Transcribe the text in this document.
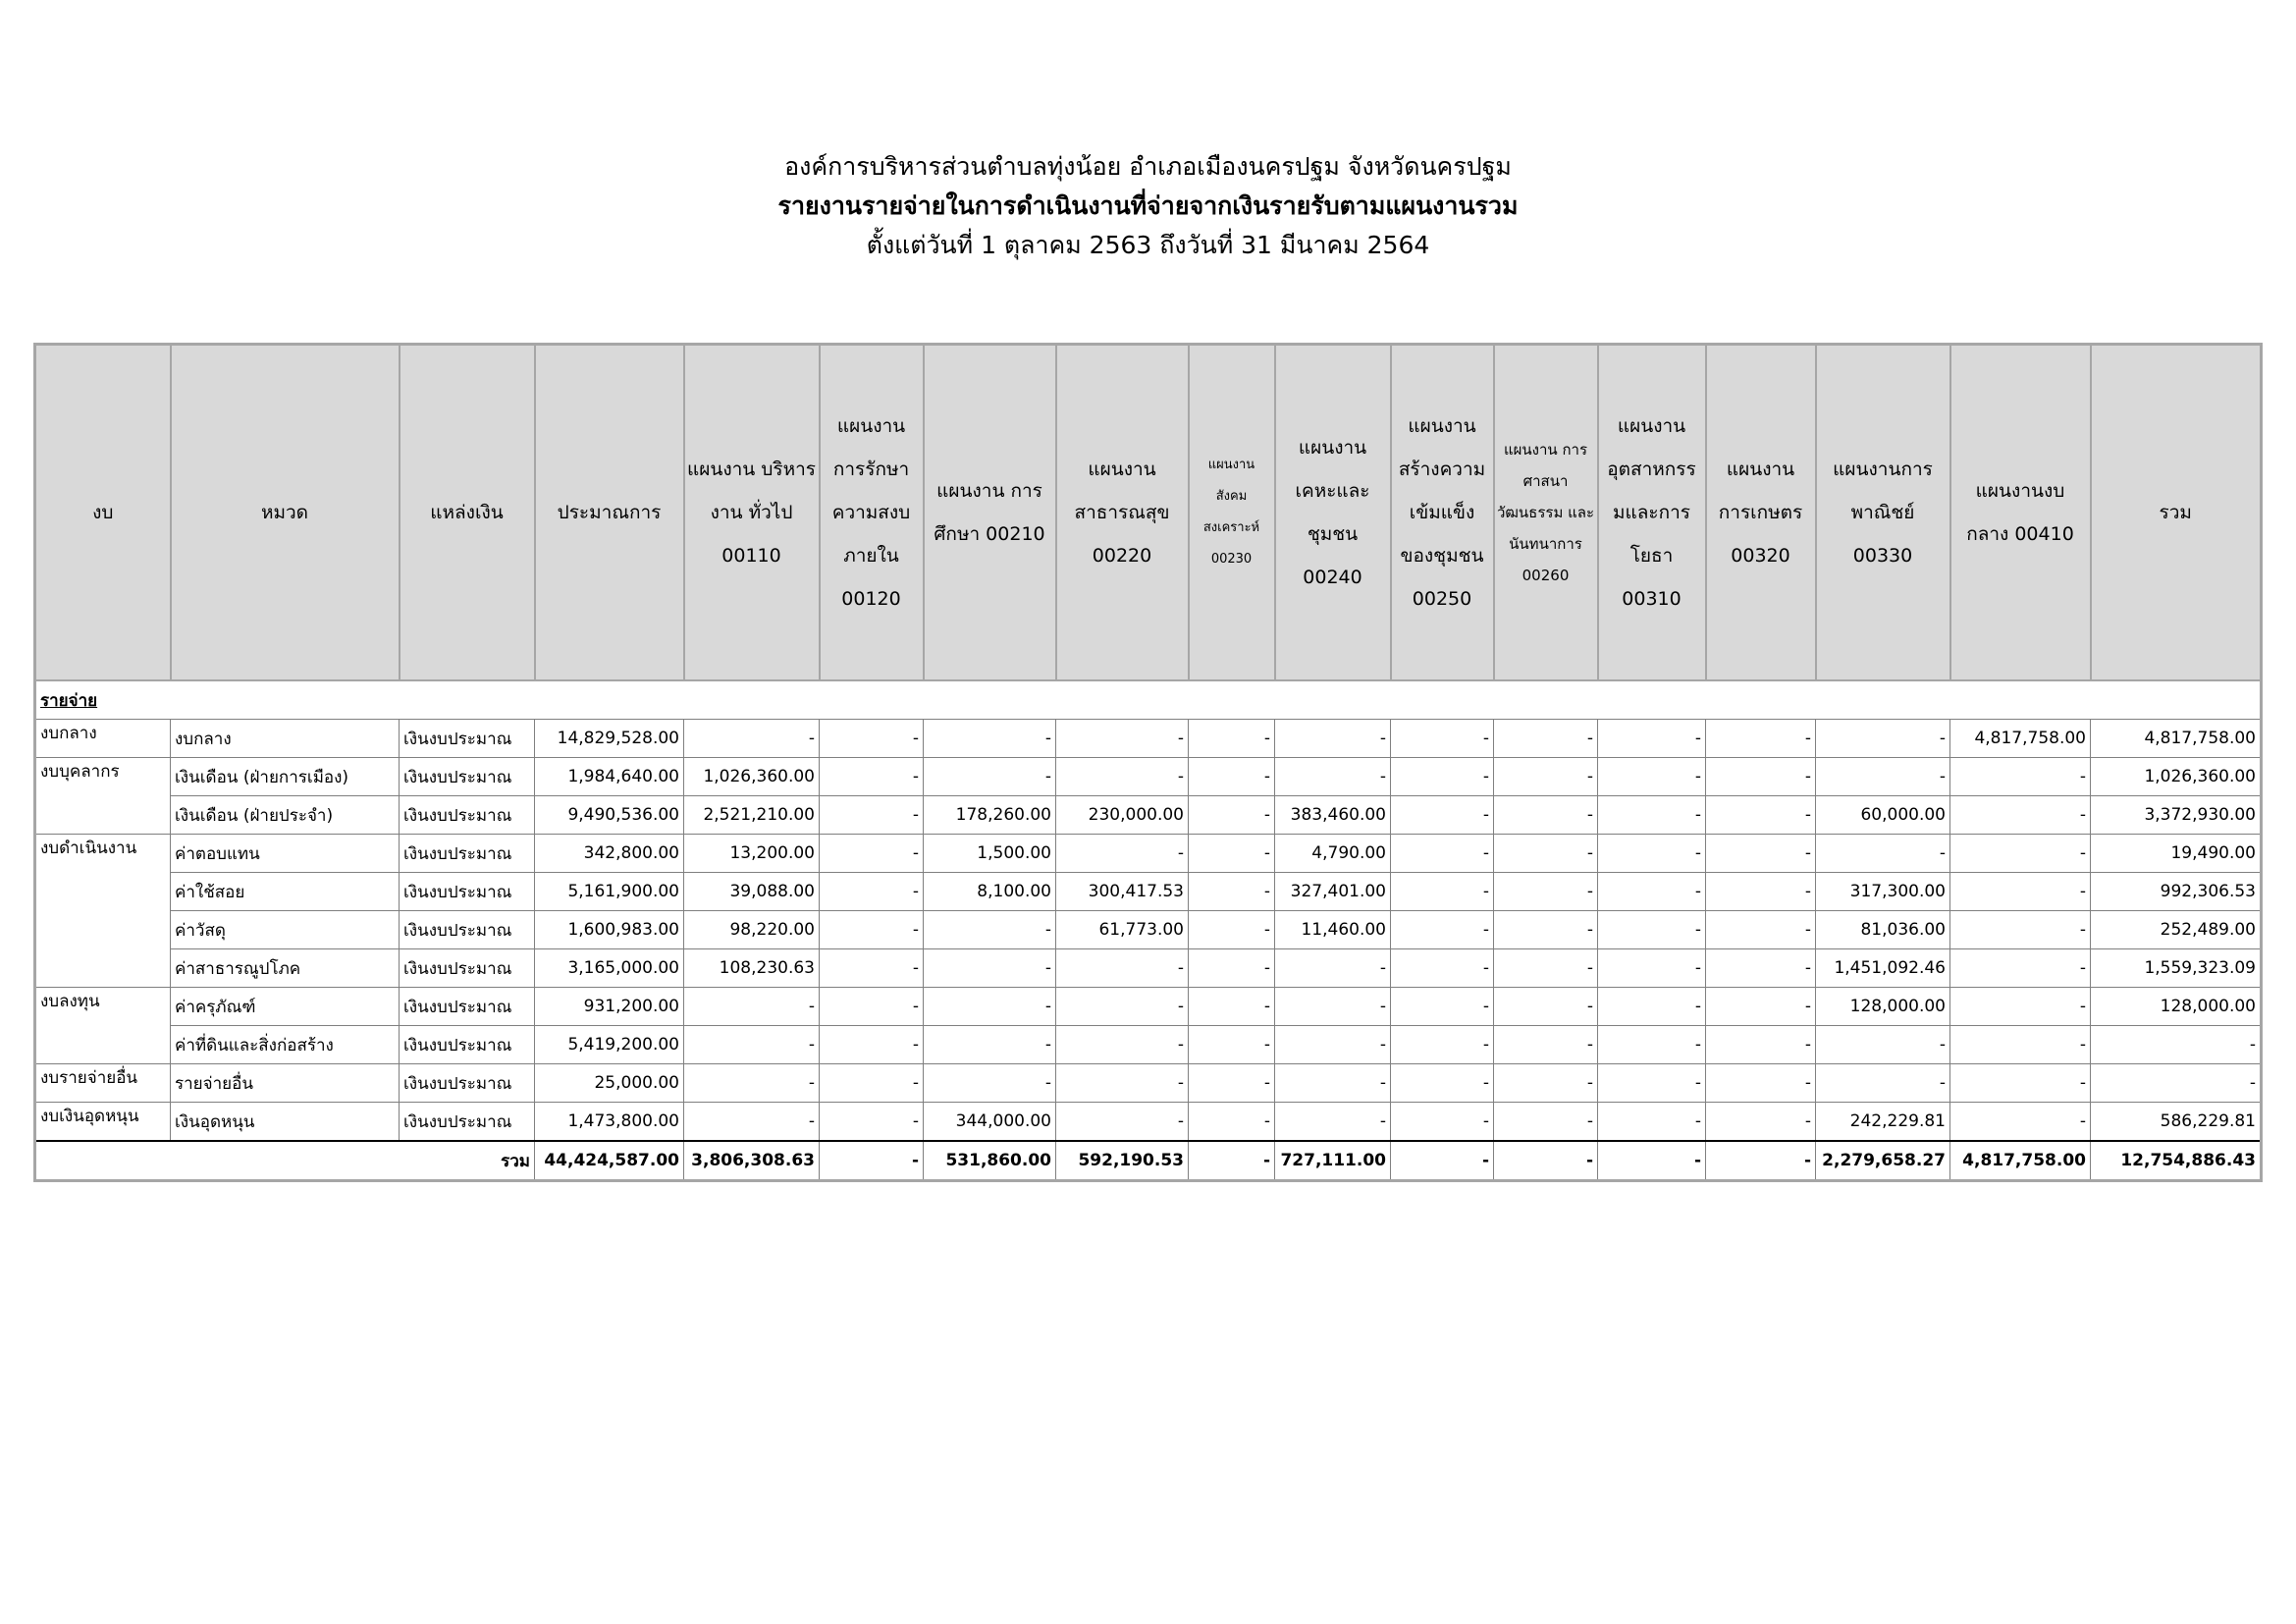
องค์การบริหารส่วนตำบลทุ่งน้อย อำเภอเมืองนครปฐม จังหวัดนครปฐม
รายงานรายจ่ายในการดำเนินงานที่จ่ายจากเงินรายรับตามแผนงานรวม
ตั้งแต่วันที่ 1 ตุลาคม 2563 ถึงวันที่ 31 มีนาคม 2564
งบ	หมวด	แหล่งเงิน	ประมาณการ	แผนงาน บริหารงาน ทั่วไป 00110	แผนงาน การรักษา ความสงบ ภายใน 00120	แผนงาน การศึกษา 00210	แผนงาน สาธารณสุข 00220	แผนงาน สังคม สงเคราะห์ 00230	แผนงาน เคหะและ ชุมชน 00240	แผนงาน สร้างความ เข้มแข็ง ของชุมชน 00250	แผนงาน การศาสนา วัฒนธรรม และ นันทนาการ 00260	แผนงาน อุตสาหกรร มและการ โยธา 00310	แผนงาน การเกษตร 00320	แผนงานการ พาณิชย์ 00330	แผนงานงบ กลาง 00410	รวม
รายจ่าย																
งบกลาง	งบกลาง	เงินงบประมาณ	14,829,528.00	-	-	-	-	-	-	-	-	-	-	-	4,817,758.00	4,817,758.00
งบบุคลากร	เงินเดือน (ฝ่ายการเมือง)	เงินงบประมาณ	1,984,640.00	1,026,360.00	-	-	-	-	-	-	-	-	-	-	-	1,026,360.00
	เงินเดือน (ฝ่ายประจำ)	เงินงบประมาณ	9,490,536.00	2,521,210.00	-	178,260.00	230,000.00	-	383,460.00	-	-	-	-	60,000.00	-	3,372,930.00
งบดำเนินงาน	ค่าตอบแทน	เงินงบประมาณ	342,800.00	13,200.00	-	1,500.00	-	-	4,790.00	-	-	-	-	-	-	19,490.00
	ค่าใช้สอย	เงินงบประมาณ	5,161,900.00	39,088.00	-	8,100.00	300,417.53	-	327,401.00	-	-	-	-	317,300.00	-	992,306.53
	ค่าวัสดุ	เงินงบประมาณ	1,600,983.00	98,220.00	-	-	61,773.00	-	11,460.00	-	-	-	-	81,036.00	-	252,489.00
	ค่าสาธารณูปโภค	เงินงบประมาณ	3,165,000.00	108,230.63	-	-	-	-	-	-	-	-	-	1,451,092.46	-	1,559,323.09
งบลงทุน	ค่าครุภัณฑ์	เงินงบประมาณ	931,200.00	-	-	-	-	-	-	-	-	-	-	128,000.00	-	128,000.00
	ค่าที่ดินและสิ่งก่อสร้าง	เงินงบประมาณ	5,419,200.00	-	-	-	-	-	-	-	-	-	-	-	-	-
งบรายจ่ายอื่น	รายจ่ายอื่น	เงินงบประมาณ	25,000.00	-	-	-	-	-	-	-	-	-	-	-	-	-
งบเงินอุดหนุน	เงินอุดหนุน	เงินงบประมาณ	1,473,800.00	-	-	344,000.00	-	-	-	-	-	-	-	242,229.81	-	586,229.81
รวม			44,424,587.00	3,806,308.63	-	531,860.00	592,190.53	-	727,111.00	-	-	-	-	2,279,658.27	4,817,758.00	12,754,886.43
